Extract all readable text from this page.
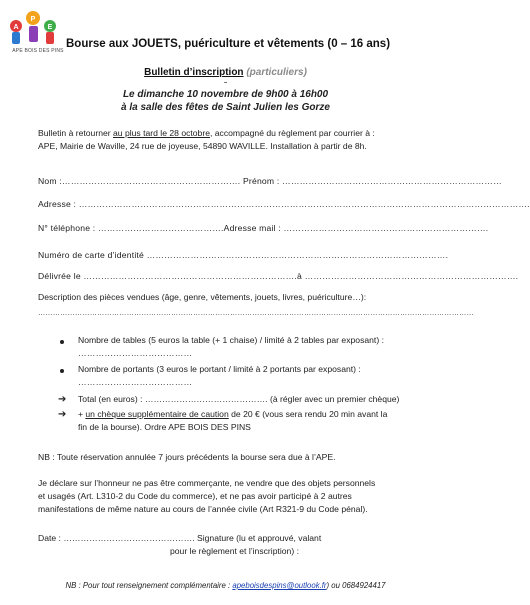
A
P
E
APE BOIS DES PINS
Bourse aux JOUETS, puériculture et vêtements (0 – 16 ans)
Bulletin d’inscription (particuliers)
–
Le dimanche 10 novembre de 9h00 à 16h00
à la salle des fêtes de Saint Julien les Gorze
Bulletin à retourner au plus tard le 28 octobre, accompagné du règlement par courrier à :
APE, Mairie de Waville, 24 rue de joyeuse, 54890 WAVILLE. Installation à partir de 8h.
Nom :……………………………………………………. Prénom : …………………………………………………………………
Adresse : ……………………………………………………………………………………………………………………………………….
N° téléphone : …………………………………….Adresse mail : …………………………………………………………….
Numéro de carte d’identité ………………………………………………………………………………………….
Délivrée le ……………………………………………………………….à ……………………………………………………………….
Description des pièces vendues (âge, genre, vêtements, jouets, livres, puériculture…):
……………………………………………………………………………………………………………………………………………………………
Nombre de tables (5 euros la table (+ 1 chaise) / limité à 2 tables par exposant) :
…………………………………
Nombre de portants (3 euros le portant / limité à 2 portants par exposant) :
…………………………………
➔ Total (en euros) : ……………………………………. (à régler avec un premier chèque)
➔ + un chèque supplémentaire de caution de 20 € (vous sera rendu 20 min avant la
fin de la bourse). Ordre APE BOIS DES PINS
NB : Toute réservation annulée 7 jours précédents la bourse sera due à l’APE.
Je déclare sur l’honneur ne pas être commerçante, ne vendre que des objets personnels
et usagés (Art. L310-2 du Code du commerce), et ne pas avoir participé à 2 autres
manifestations de même nature au cours de l’année civile (Art R321-9 du Code pénal).
Date : ………………………………………. Signature (lu et approuvé, valant
pour le règlement et l’inscription) :
NB : Pour tout renseignement complémentaire : apeboisdespins@outlook.fr) ou 0684924417
